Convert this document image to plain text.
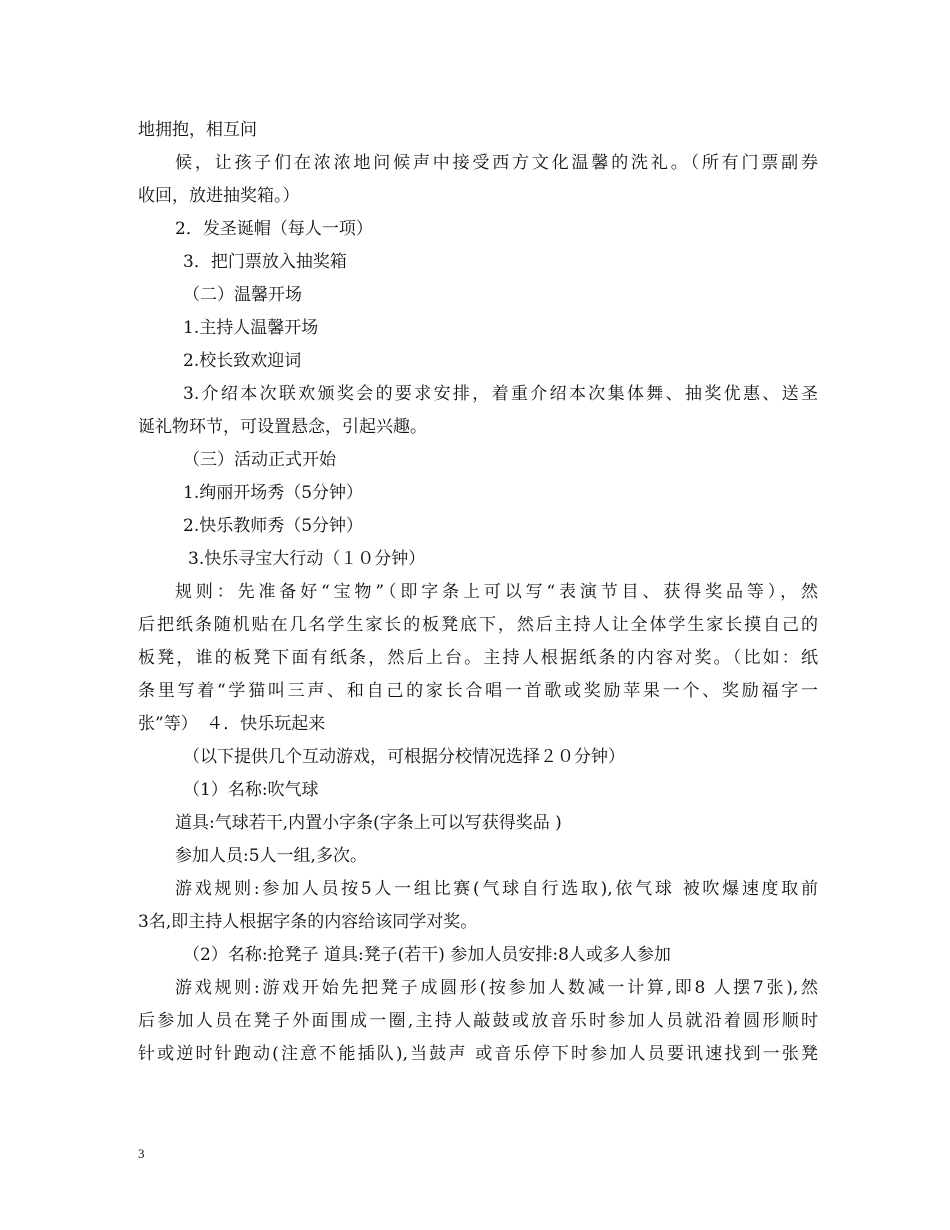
地拥抱，相互问
候，让孩子们在浓浓地问候声中接受西方文化温馨的洗礼。（所有门票副券
收回，放进抽奖箱。）
2．发圣诞帽（每人一项）
3．把门票放入抽奖箱
（二）温馨开场
1.主持人温馨开场
2.校长致欢迎词
3.介绍本次联欢颁奖会的要求安排，着重介绍本次集体舞、抽奖优惠、送圣
诞礼物环节，可设置悬念，引起兴趣。
（三）活动正式开始
1.绚丽开场秀（5分钟）
2.快乐教师秀（5分钟）
3.快乐寻宝大行动（１０分钟）
规则：先准备好“宝物”（即字条上可以写“表演节目、获得奖品等），然
后把纸条随机贴在几名学生家长的板凳底下，然后主持人让全体学生家长摸自己的
板凳，谁的板凳下面有纸条，然后上台。主持人根据纸条的内容对奖。（比如：纸
条里写着“学猫叫三声、和自己的家长合唱一首歌或奖励苹果一个、奖励福字一
张”等）　４．快乐玩起来
（以下提供几个互动游戏，可根据分校情况选择２０分钟）
（1）名称:吹气球
道具:气球若干,内置小字条(字条上可以写获得奖品 )
参加人员:5人一组,多次。
游戏规则:参加人员按5人一组比赛(气球自行选取),依气球 被吹爆速度取前
3名,即主持人根据字条的内容给该同学对奖。
（2）名称:抢凳子 道具:凳子(若干) 参加人员安排:8人或多人参加
游戏规则:游戏开始先把凳子成圆形(按参加人数减一计算,即8 人摆7张),然
后参加人员在凳子外面围成一圈,主持人敲鼓或放音乐时参加人员就沿着圆形顺时
针或逆时针跑动(注意不能插队),当鼓声 或音乐停下时参加人员要讯速找到一张凳
3
